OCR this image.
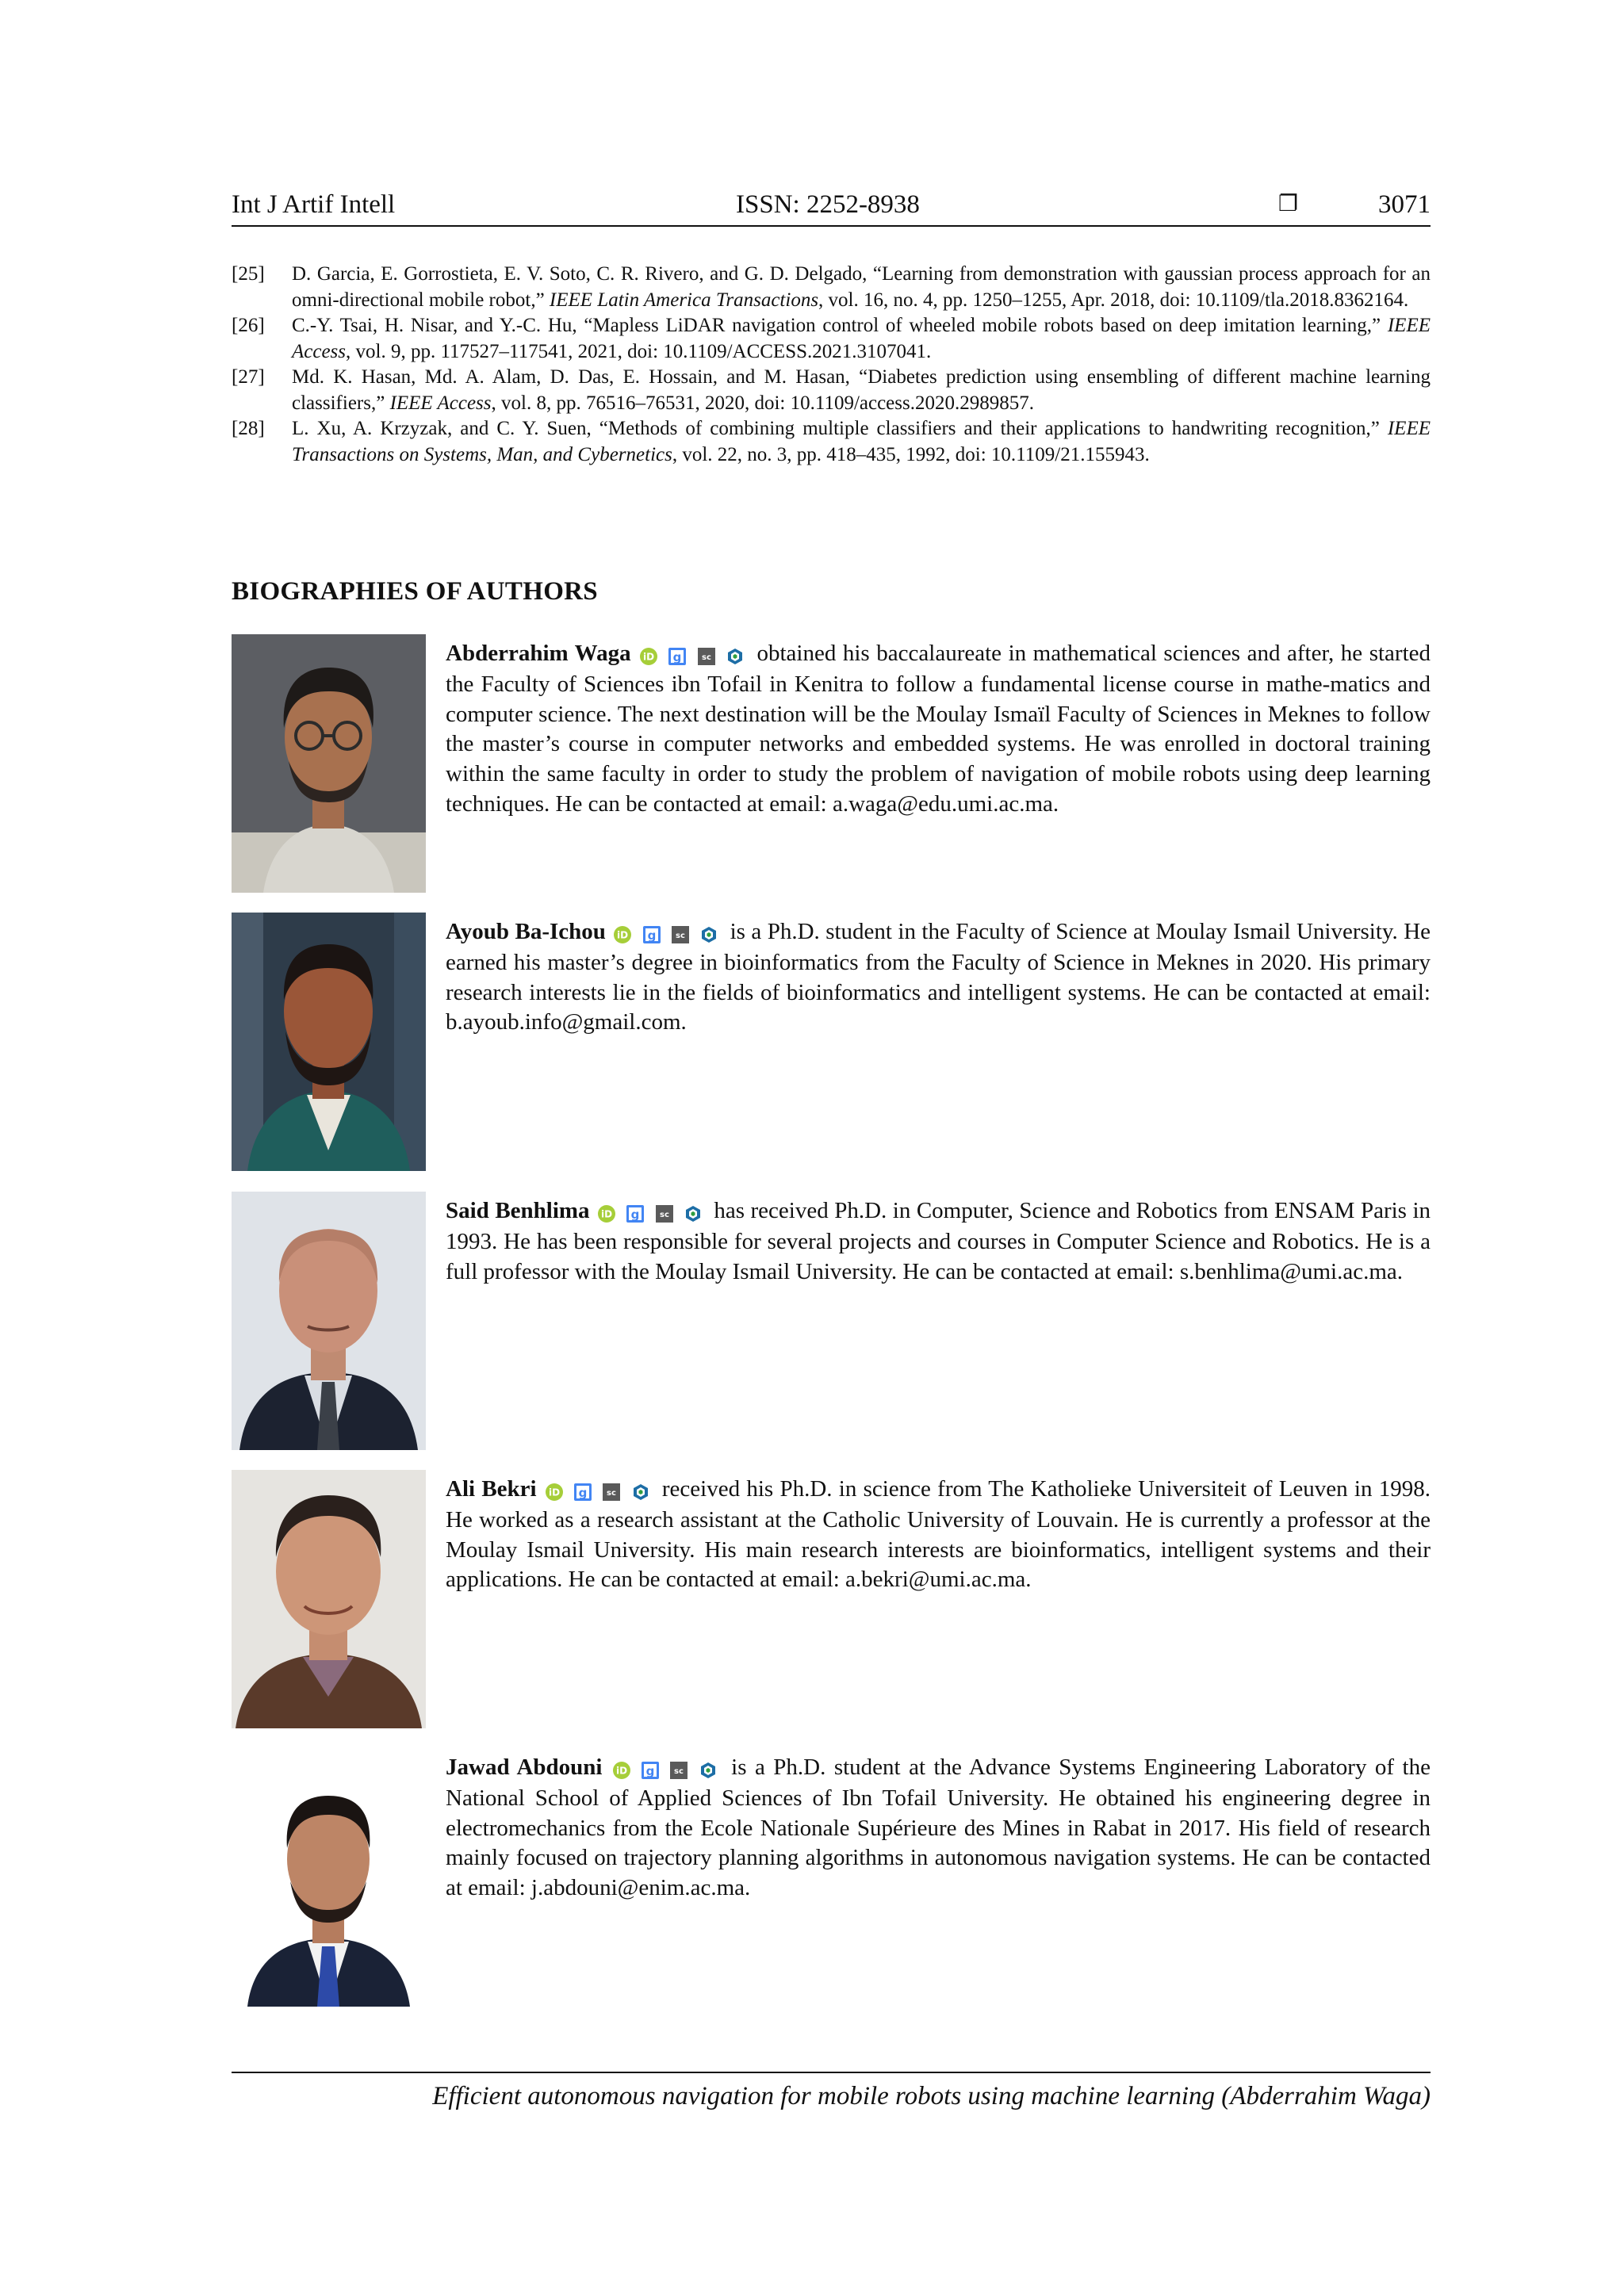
Int J Artif Intell	ISSN: 2252-8938	❐	3071
[25]	D. Garcia, E. Gorrostieta, E. V. Soto, C. R. Rivero, and G. D. Delgado, “Learning from demonstration with gaussian process approach for an omni-directional mobile robot,” IEEE Latin America Transactions, vol. 16, no. 4, pp. 1250–1255, Apr. 2018, doi: 10.1109/tla.2018.8362164.
[26]	C.-Y. Tsai, H. Nisar, and Y.-C. Hu, “Mapless LiDAR navigation control of wheeled mobile robots based on deep imitation learning,” IEEE Access, vol. 9, pp. 117527–117541, 2021, doi: 10.1109/ACCESS.2021.3107041.
[27]	Md. K. Hasan, Md. A. Alam, D. Das, E. Hossain, and M. Hasan, “Diabetes prediction using ensembling of different machine learning classifiers,” IEEE Access, vol. 8, pp. 76516–76531, 2020, doi: 10.1109/access.2020.2989857.
[28]	L. Xu, A. Krzyzak, and C. Y. Suen, “Methods of combining multiple classifiers and their applications to handwriting recognition,” IEEE Transactions on Systems, Man, and Cybernetics, vol. 22, no. 3, pp. 418–435, 1992, doi: 10.1109/21.155943.
BIOGRAPHIES OF AUTHORS
Abderrahim Waga iD
g
sc obtained his baccalaureate in mathematical sciences and after, he started the Faculty of Sciences ibn Tofail in Kenitra to follow a fundamental license course in mathe-matics and computer science. The next destination will be the Moulay Ismaïl Faculty of Sciences in Meknes to follow the master’s course in computer networks and embedded systems. He was enrolled in doctoral training within the same faculty in order to study the problem of navigation of mobile robots using deep learning techniques. He can be contacted at email: a.waga@edu.umi.ac.ma.
Ayoub Ba-Ichou iD
g
sc is a Ph.D. student in the Faculty of Science at Moulay Ismail University. He earned his master’s degree in bioinformatics from the Faculty of Science in Meknes in 2020. His primary research interests lie in the fields of bioinformatics and intelligent systems. He can be contacted at email: b.ayoub.info@gmail.com.
Said Benhlima iD
g
sc has received Ph.D. in Computer, Science and Robotics from ENSAM Paris in 1993. He has been responsible for several projects and courses in Computer Science and Robotics. He is a full professor with the Moulay Ismail University. He can be contacted at email: s.benhlima@umi.ac.ma.
Ali Bekri iD
g
sc received his Ph.D. in science from The Katholieke Universiteit of Leuven in 1998. He worked as a research assistant at the Catholic University of Louvain. He is currently a professor at the Moulay Ismail University. His main research interests are bioinformatics, intelligent systems and their applications. He can be contacted at email: a.bekri@umi.ac.ma.
Jawad Abdouni iD
g
sc is a Ph.D. student at the Advance Systems Engineering Laboratory of the National School of Applied Sciences of Ibn Tofail University. He obtained his engineering degree in electromechanics from the Ecole Nationale Supérieure des Mines in Rabat in 2017. His field of research mainly focused on trajectory planning algorithms in autonomous navigation systems. He can be contacted at email: j.abdouni@enim.ac.ma.
Efficient autonomous navigation for mobile robots using machine learning (Abderrahim Waga)
